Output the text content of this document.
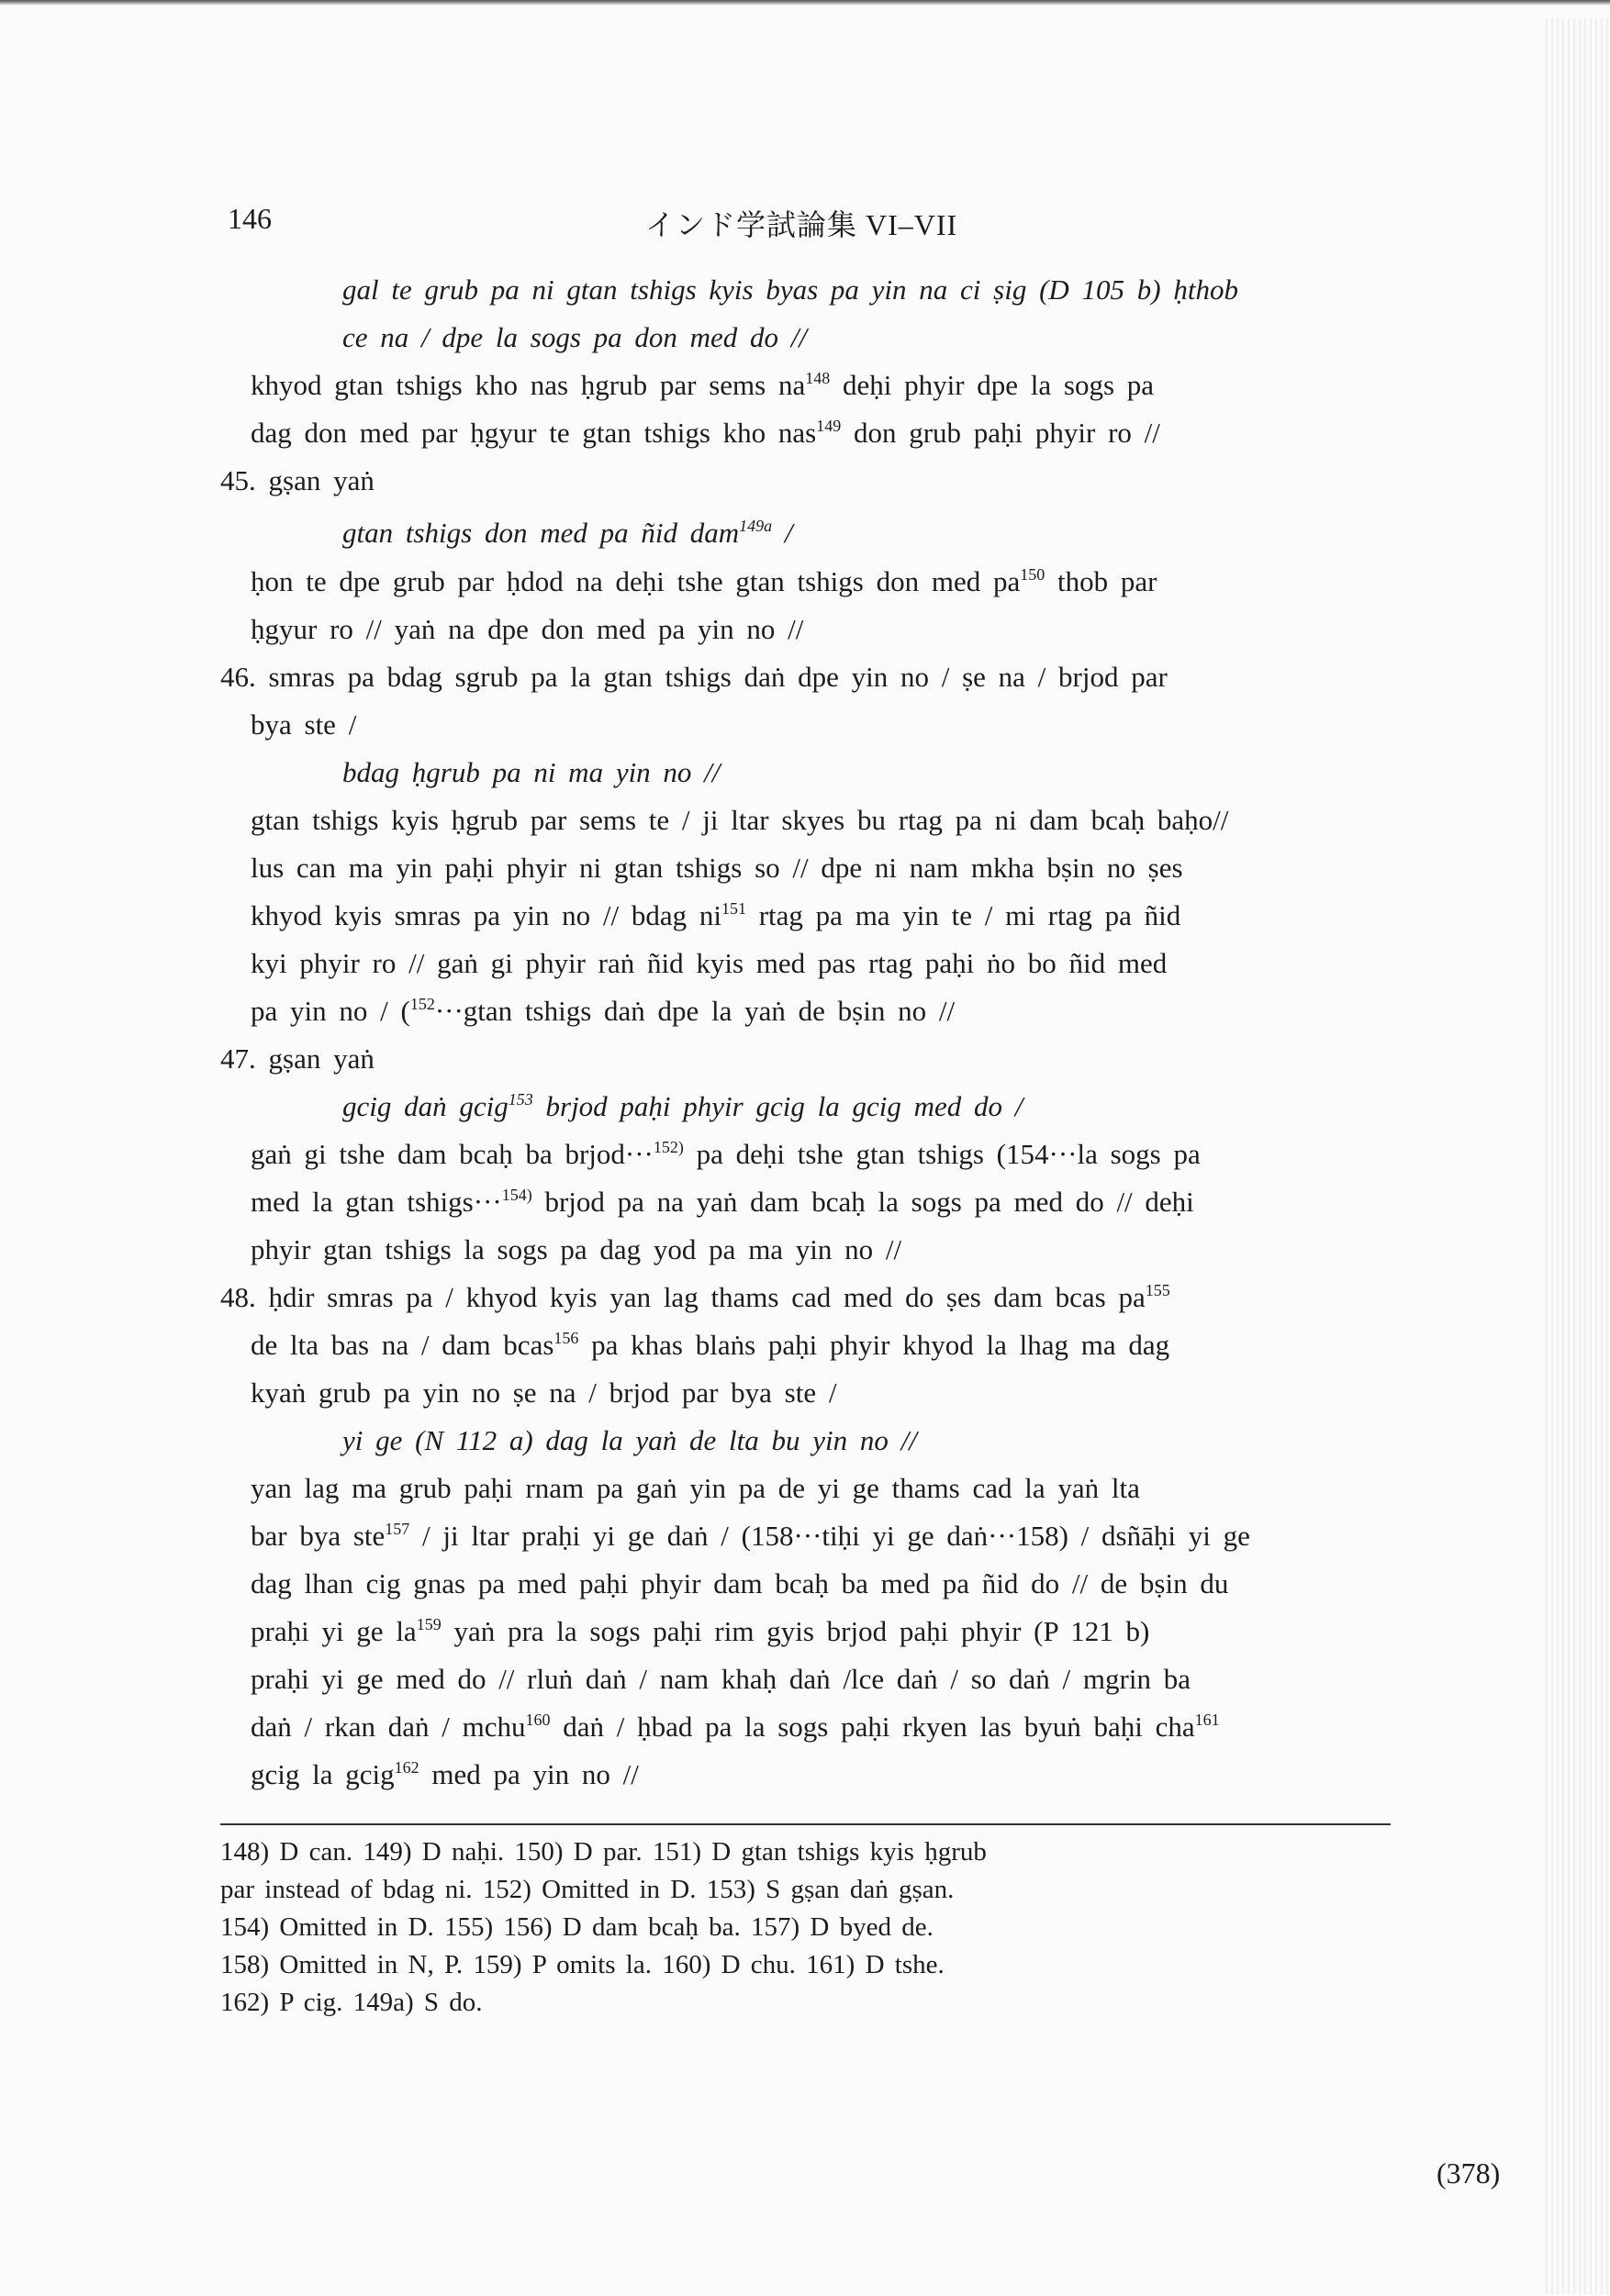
146	インド学試論集 VI–VII
gal te grub pa ni gtan tshigs kyis byas pa yin na ci ṣig (D 105 b) ḥthob
ce na / dpe la sogs pa don med do //
khyod gtan tshigs kho nas ḥgrub par sems $na^{148}$ deḥi phyir dpe la sogs pa
dag don med par ḥgyur te gtan tshigs kho nas$^{149}$ don grub paḥi phyir ro //
45. gṣan yaṅ
gtan tshigs don med pa ñid dam$^{149a}$ /
ḥon te dpe grub par ḥdod na deḥi tshe gtan tshigs don med $pa^{150}$ thob par
ḥgyur ro // yaṅ na dpe don med pa yin no //
46. smras pa bdag sgrub pa la gtan tshigs daṅ dpe yin no / ṣe na / brjod par
bya ste /
bdag ḥgrub pa ni ma yin no //
gtan tshigs kyis ḥgrub par sems te / ji ltar skyes bu rtag pa ni dam bcaḥ baḥo//
lus can ma yin paḥi phyir ni gtan tshigs so // dpe ni nam mkha bṣin no ṣes
khyod kyis smras pa yin no // bdag $ni^{151}$ rtag pa ma yin te / mi rtag pa ñid
kyi phyir ro // gaṅ gi phyir raṅ ñid kyis med pas rtag paḥi ṅo bo ñid med
pa yin no / ($^{152}$···gtan tshigs daṅ dpe la yaṅ de bṣin no //
47. gṣan yaṅ
gcig daṅ gcig$^{153}$ brjod paḥi phyir gcig la gcig med do /
gaṅ gi tshe dam bcaḥ ba brjod···$^{152)}$ pa deḥi tshe gtan tshigs (154···la sogs pa
med la gtan tshigs···$^{154)}$ brjod pa na yaṅ dam bcaḥ la sogs pa med do // deḥi
phyir gtan tshigs la sogs pa dag yod pa ma yin no //
48. ḥdir smras pa / khyod kyis yan lag thams cad med do ṣes dam bcas $pa^{155}$
de lta bas na / dam bcas$^{156}$ pa khas blaṅs paḥi phyir khyod la lhag ma dag
kyaṅ grub pa yin no ṣe na / brjod par bya ste /
yi ge (N 112 a) dag la yaṅ de lta bu yin no //
yan lag ma grub paḥi rnam pa gaṅ yin pa de yi ge thams cad la yaṅ lta
bar bya ste$^{157}$ / ji ltar praḥi yi ge daṅ / (158···tiḥi yi ge daṅ···158) / dsñāḥi yi ge
dag lhan cig gnas pa med paḥi phyir dam bcaḥ ba med pa ñid do // de bṣin du
praḥi yi ge $la^{159}$ yaṅ pra la sogs paḥi rim gyis brjod paḥi phyir (P 121 b)
praḥi yi ge med do // rluṅ daṅ / nam khaḥ daṅ /lce daṅ / so daṅ / mgrin ba
daṅ / rkan daṅ / mchu$^{160}$ daṅ / ḥbad pa la sogs paḥi rkyen las byuṅ baḥi cha$^{161}$
gcig la gcig$^{162}$ med pa yin no //
148) D can. 149) D naḥi. 150) D par. 151) D gtan tshigs kyis ḥgrub
par instead of bdag ni. 152) Omitted in D. 153) S gṣan daṅ gṣan.
154) Omitted in D. 155) 156) D dam bcaḥ ba. 157) D byed de.
158) Omitted in N, P. 159) P omits la. 160) D chu. 161) D tshe.
162) P cig. 149a) S do.
(378)
